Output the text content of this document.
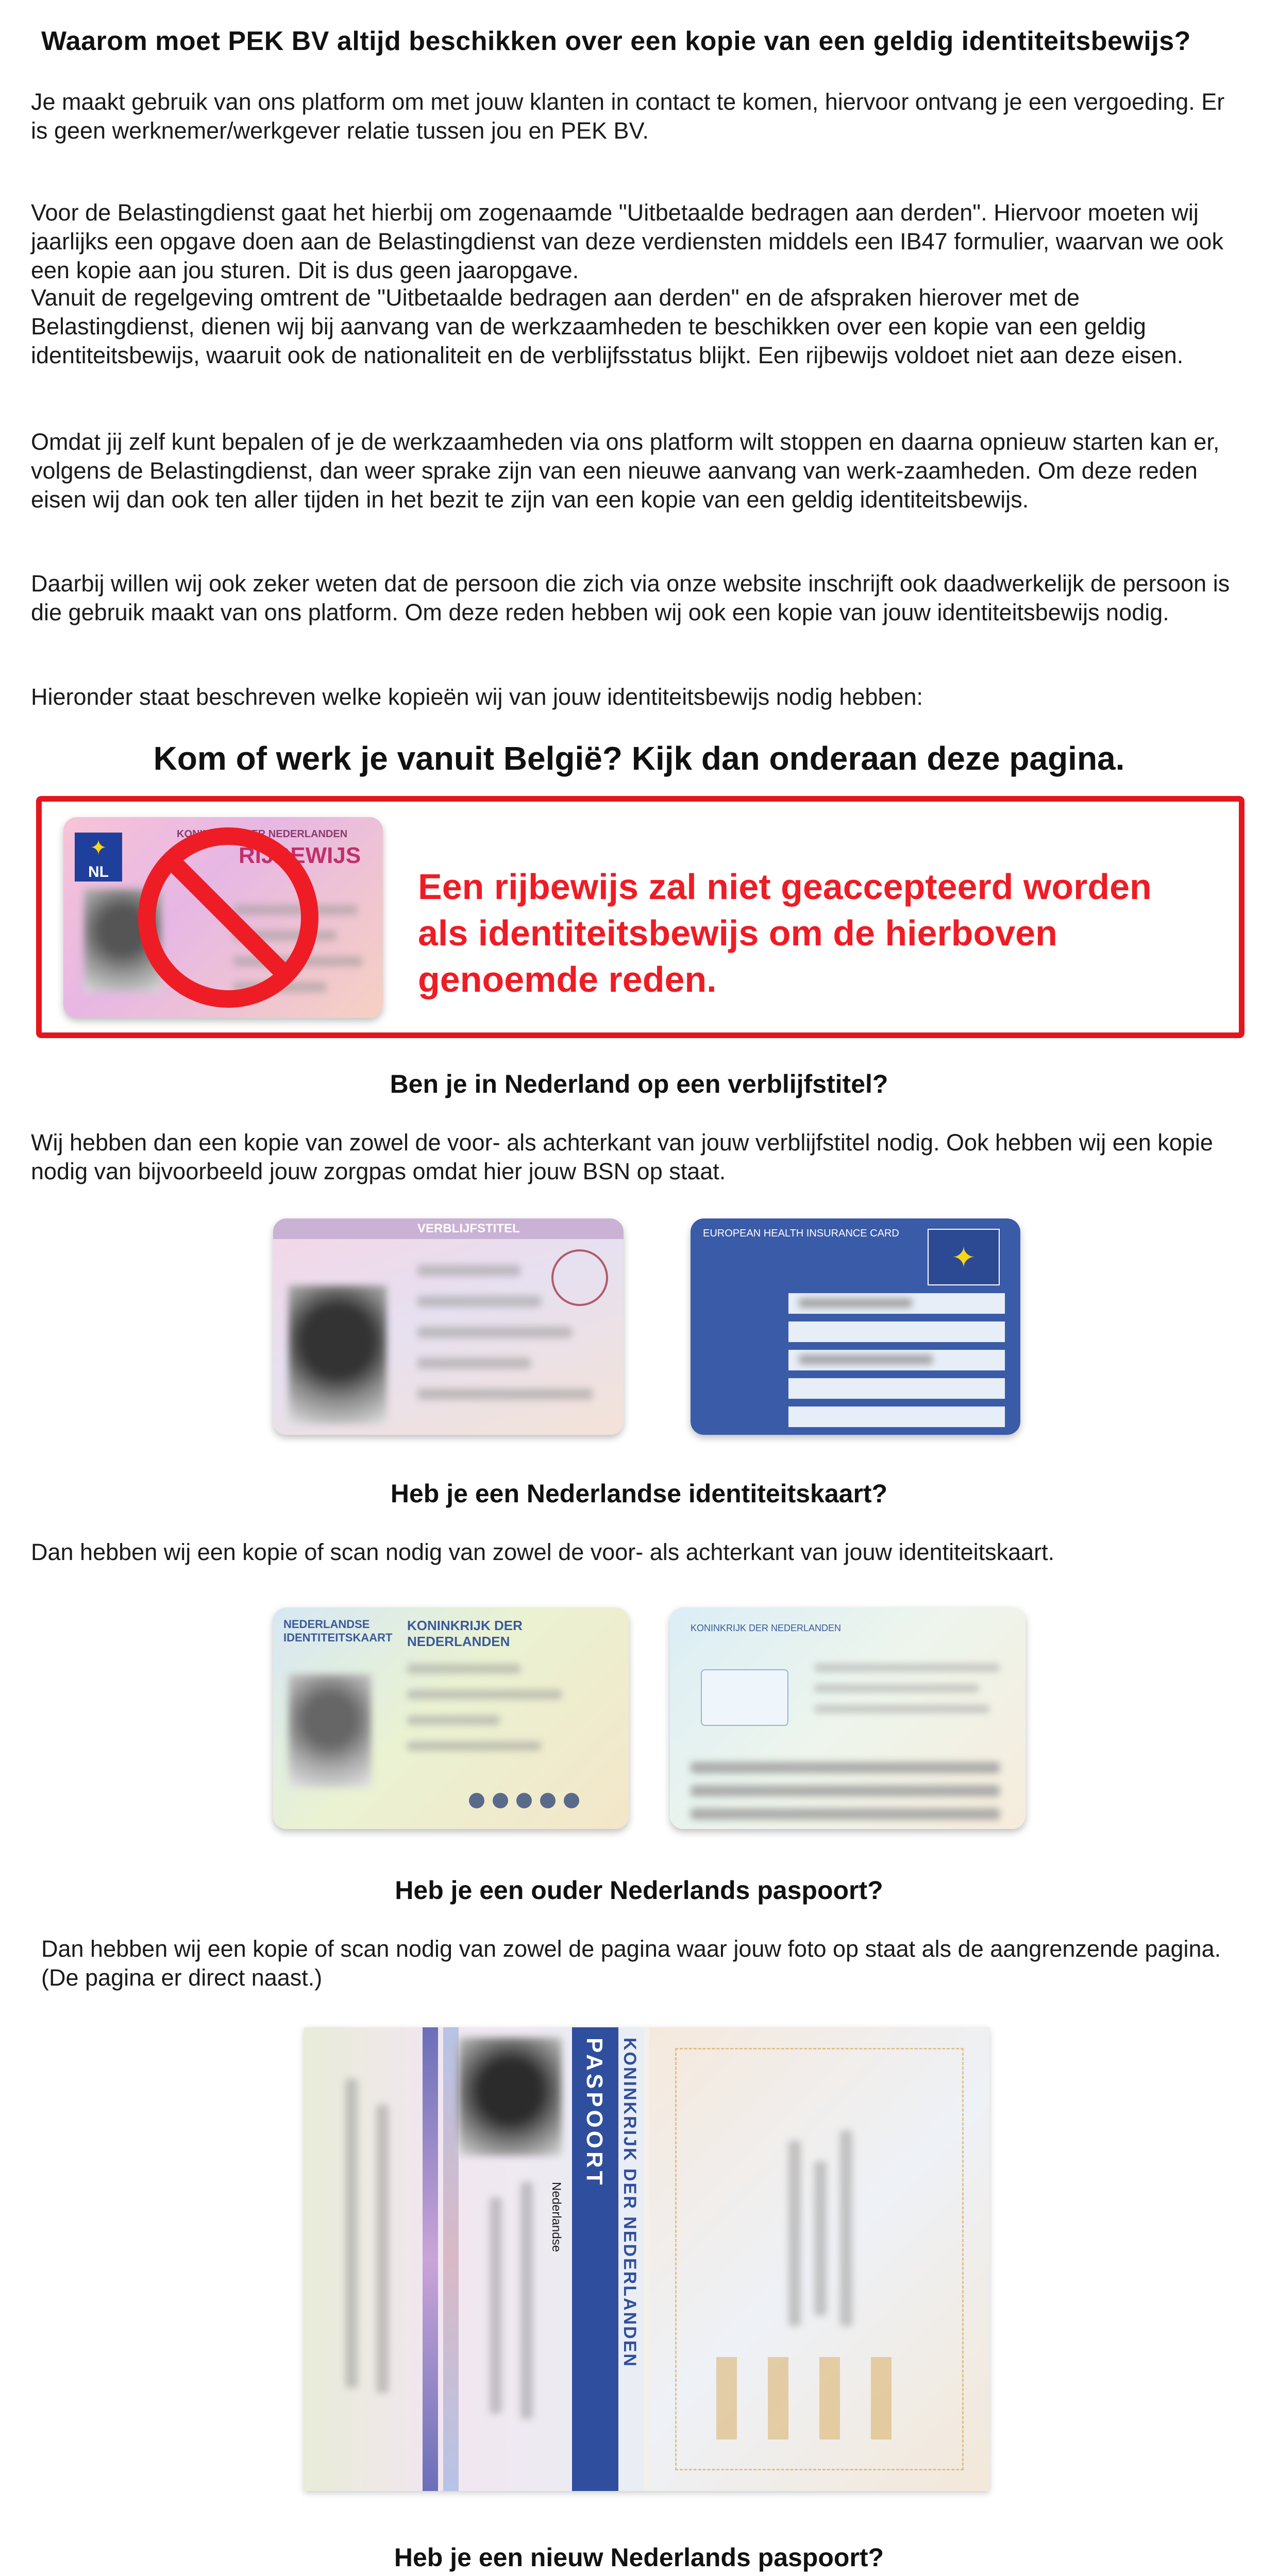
Waarom moet PEK BV altijd beschikken over een kopie van een geldig identiteitsbewijs?
Je maakt gebruik van ons platform om met jouw klanten in contact te komen, hiervoor ontvang je een vergoeding. Er is geen werknemer/werkgever relatie tussen jou en PEK BV.
Voor de Belastingdienst gaat het hierbij om zogenaamde "Uitbetaalde bedragen aan derden". Hiervoor moeten wij jaarlijks een opgave doen aan de Belastingdienst van deze verdiensten middels een IB47 formulier, waarvan we ook een kopie aan jou sturen. Dit is dus geen jaaropgave.
Vanuit de regelgeving omtrent de "Uitbetaalde bedragen aan derden" en de afspraken hierover met de Belastingdienst, dienen wij bij aanvang van de werkzaamheden te beschikken over een kopie van een geldig identiteitsbewijs, waaruit ook de nationaliteit en de verblijfsstatus blijkt. Een rijbewijs voldoet niet aan deze eisen.
Omdat jij zelf kunt bepalen of je de werkzaamheden via ons platform wilt stoppen en daarna opnieuw starten kan er, volgens de Belastingdienst, dan weer sprake zijn van een nieuwe aanvang van werk-zaamheden. Om deze reden eisen wij dan ook ten aller tijden in het bezit te zijn van een kopie van een geldig identiteitsbewijs.
Daarbij willen wij ook zeker weten dat de persoon die zich via onze website inschrijft ook daadwerkelijk de persoon is die gebruik maakt van ons platform. Om deze reden hebben wij ook een kopie van jouw identiteitsbewijs nodig.
Hieronder staat beschreven welke kopieën wij van jouw identiteitsbewijs nodig hebben:
Kom of werk je vanuit België? Kijk dan onderaan deze pagina.
✦
NL
KONINKRIJK DER NEDERLANDEN
RIJBEWIJS
Een rijbewijs zal niet geaccepteerd worden als identiteitsbewijs om de hierboven genoemde reden.
Ben je in Nederland op een verblijfstitel?
Wij hebben dan een kopie van zowel de voor- als achterkant van jouw verblijfstitel nodig. Ook hebben wij een kopie nodig van bijvoorbeeld jouw zorgpas omdat hier jouw BSN op staat.
VERBLIJFSTITEL	EUROPEAN HEALTH INSURANCE CARD
✦
Heb je een Nederlandse identiteitskaart?
Dan hebben wij een kopie of scan nodig van zowel de voor- als achterkant van jouw identiteitskaart.
NEDERLANDSE IDENTITEITSKAART
KONINKRIJK DER NEDERLANDEN
KONINKRIJK DER NEDERLANDEN
Heb je een ouder Nederlands paspoort?
Dan hebben wij een kopie of scan nodig van zowel de pagina waar jouw foto op staat als de aangrenzende pagina. (De pagina er direct naast.)
PASPOORT KONINKRIJK DER NEDERLANDEN
Nederlandse
Heb je een nieuw Nederlands paspoort?
